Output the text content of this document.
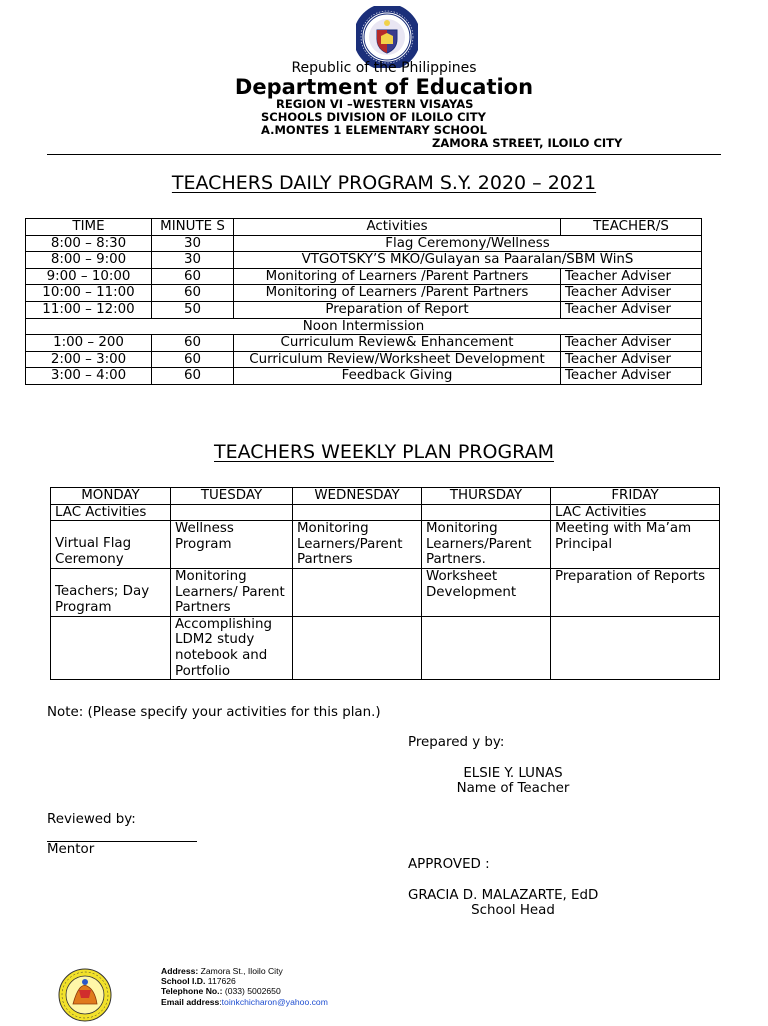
Republic of the Philippines
Department of Education
REGION VI –WESTERN VISAYAS
SCHOOLS DIVISION OF ILOILO CITY
A.MONTES 1 ELEMENTARY SCHOOL
ZAMORA STREET, ILOILO CITY
TEACHERS DAILY PROGRAM S.Y. 2020 – 2021
TIME	MINUTE S	Activities	TEACHER/S
8:00 – 8:30	30	Flag Ceremony/Wellness	
8:00 – 9:00	30	VTGOTSKY’S MKO/Gulayan sa Paaralan/SBM WinS	
9:00 – 10:00	60	Monitoring of Learners /Parent Partners	Teacher Adviser
10:00 – 11:00	60	Monitoring of Learners /Parent Partners	Teacher Adviser
11:00 – 12:00	50	Preparation of Report	Teacher Adviser
Noon Intermission			
1:00 – 200	60	Curriculum Review& Enhancement	Teacher Adviser
2:00 – 3:00	60	Curriculum Review/Worksheet Development	Teacher Adviser
3:00 – 4:00	60	Feedback Giving	Teacher Adviser
TEACHERS WEEKLY PLAN PROGRAM
MONDAY	TUESDAY	WEDNESDAY	THURSDAY	FRIDAY
LAC Activities				LAC Activities
Virtual Flag Ceremony	Wellness Program	Monitoring Learners/Parent Partners	Monitoring Learners/Parent Partners.	Meeting with Ma’am Principal
Teachers; Day Program	Monitoring Learners/ Parent Partners		Worksheet Development	Preparation of Reports
	Accomplishing LDM2 study notebook and Portfolio			
Note: (Please specify your activities for this plan.)
Prepared y by:
ELSIE Y. LUNAS
Name of Teacher
Reviewed by:
Mentor
APPROVED :
GRACIA D. MALAZARTE, EdD
School Head
Address: Zamora St., Iloilo City
School I.D. 117626
Telephone No.: (033) 5002650
Email address:toinkchicharon@yahoo.com
